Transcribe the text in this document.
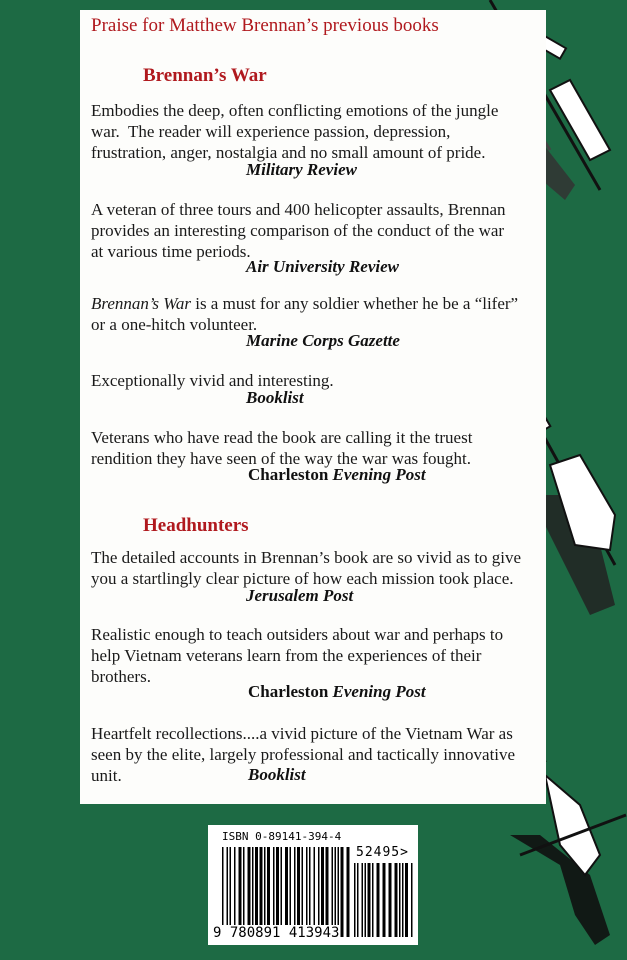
Praise for Matthew Brennan’s previous books
Brennan’s War
Embodies the deep, often conflicting emotions of the jungle
war.  The reader will experience passion, depression,
frustration, anger, nostalgia and no small amount of pride.
Military Review
A veteran of three tours and 400 helicopter assaults, Brennan
provides an interesting comparison of the conduct of the war
at various time periods.
Air University Review
Brennan’s War is a must for any soldier whether he be a “lifer”
or a one-hitch volunteer.
Marine Corps Gazette
Exceptionally vivid and interesting.
Booklist
Veterans who have read the book are calling it the truest
rendition they have seen of the way the war was fought.
Charleston Evening Post
Headhunters
The detailed accounts in Brennan’s book are so vivid as to give
you a startlingly clear picture of how each mission took place.
Jerusalem Post
Realistic enough to teach outsiders about war and perhaps to
help Vietnam veterans learn from the experiences of their
brothers.
Charleston Evening Post
Heartfelt recollections....a vivid picture of the Vietnam War as
seen by the elite, largely professional and tactically innovative
unit.	Booklist
ISBN 0-89141-394-4
52495>
9 780891 413943
